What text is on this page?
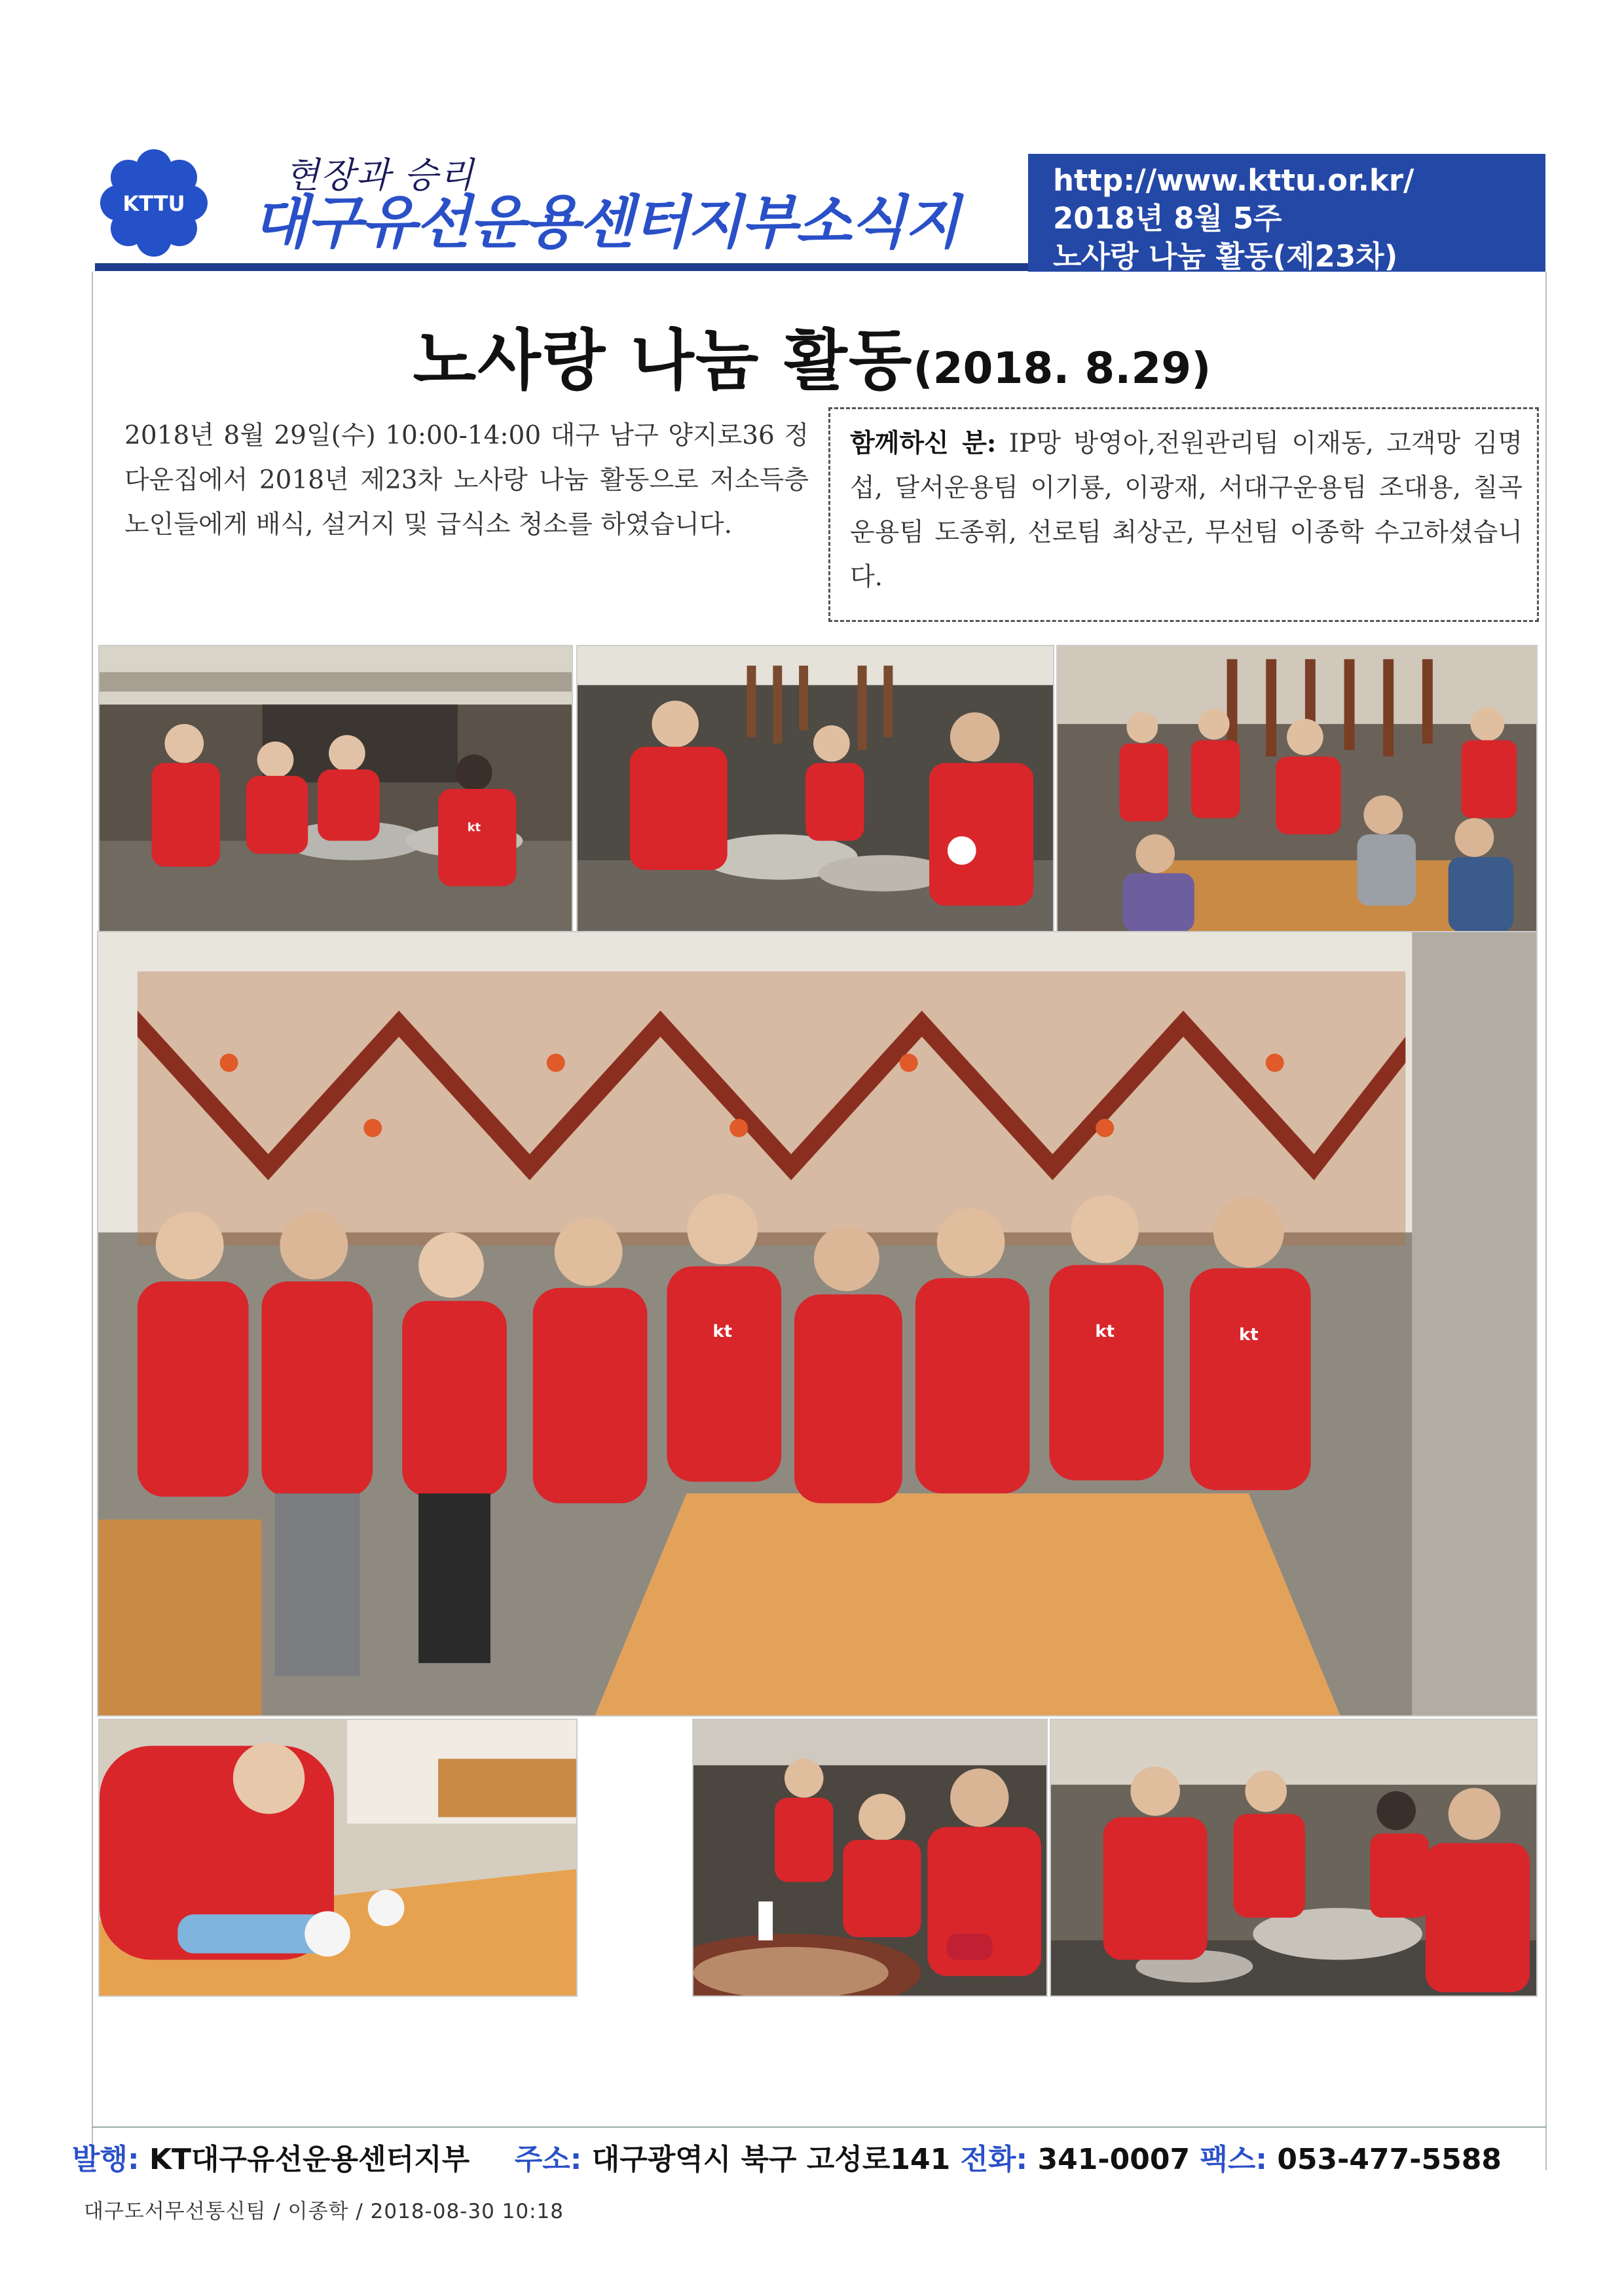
KTTU
현장과 승리
대구유선운용센터지부소식지
http://www.kttu.or.kr/
2018년 8월 5주
노사랑 나눔 활동(제23차)
노사랑 나눔 활동(2018. 8.29)
2018년 8월 29일(수) 10:00-14:00 대구 남구 양지로36 정다운집에서 2018년 제23차 노사랑 나눔 활동으로 저소득층 노인들에게 배식, 설거지 및 급식소 청소를 하였습니다.
함께하신 분: IP망 방영아,전원관리팀 이재동, 고객망 김명섭, 달서운용팀 이기룡, 이광재, 서대구운용팀 조대용, 칠곡운용팀 도종휘, 선로팀 최상곤, 무선팀 이종학 수고하셨습니다.
kt
kt	kt	kt
발행: KT대구유선운용센터지부 주소: 대구광역시 북구 고성로141 전화: 341-0007 팩스: 053-477-5588
대구도서무선통신팀 / 이종학 / 2018-08-30 10:18
